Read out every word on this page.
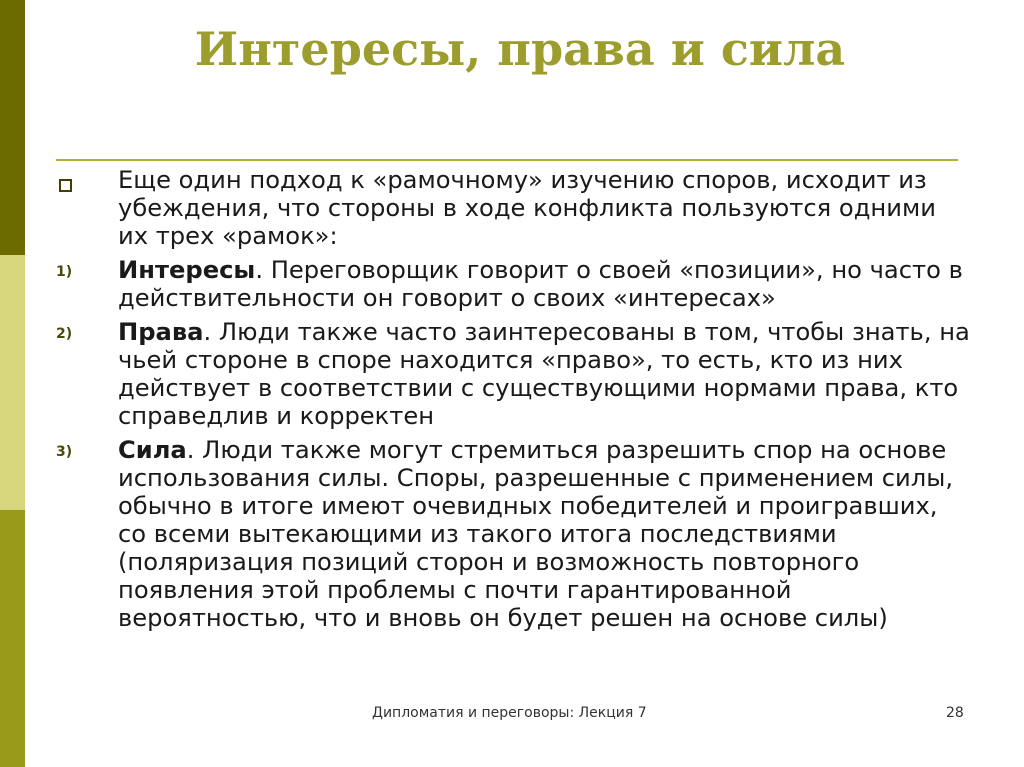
Интересы, права и сила
Еще один подход к «рамочному» изучению споров, исходит из убеждения, что стороны в ходе конфликта пользуются одними их трех «рамок»:
1)	Интересы. Переговорщик говорит о своей «позиции», но часто в действительности он говорит о своих «интересах»
2)	Права. Люди также часто заинтересованы в том, чтобы знать, на чьей стороне в споре находится «право», то есть, кто из них действует в соответствии с существующими нормами права, кто справедлив и корректен
3)	Сила. Люди также могут стремиться разрешить спор на основе использования силы. Споры, разрешенные с применением силы, обычно в итоге имеют очевидных победителей и проигравших, со всеми вытекающими из такого итога последствиями (поляризация позиций сторон и возможность повторного появления этой проблемы с почти гарантированной вероятностью, что и вновь он будет решен на основе силы)
Дипломатия и переговоры: Лекция 7	28
